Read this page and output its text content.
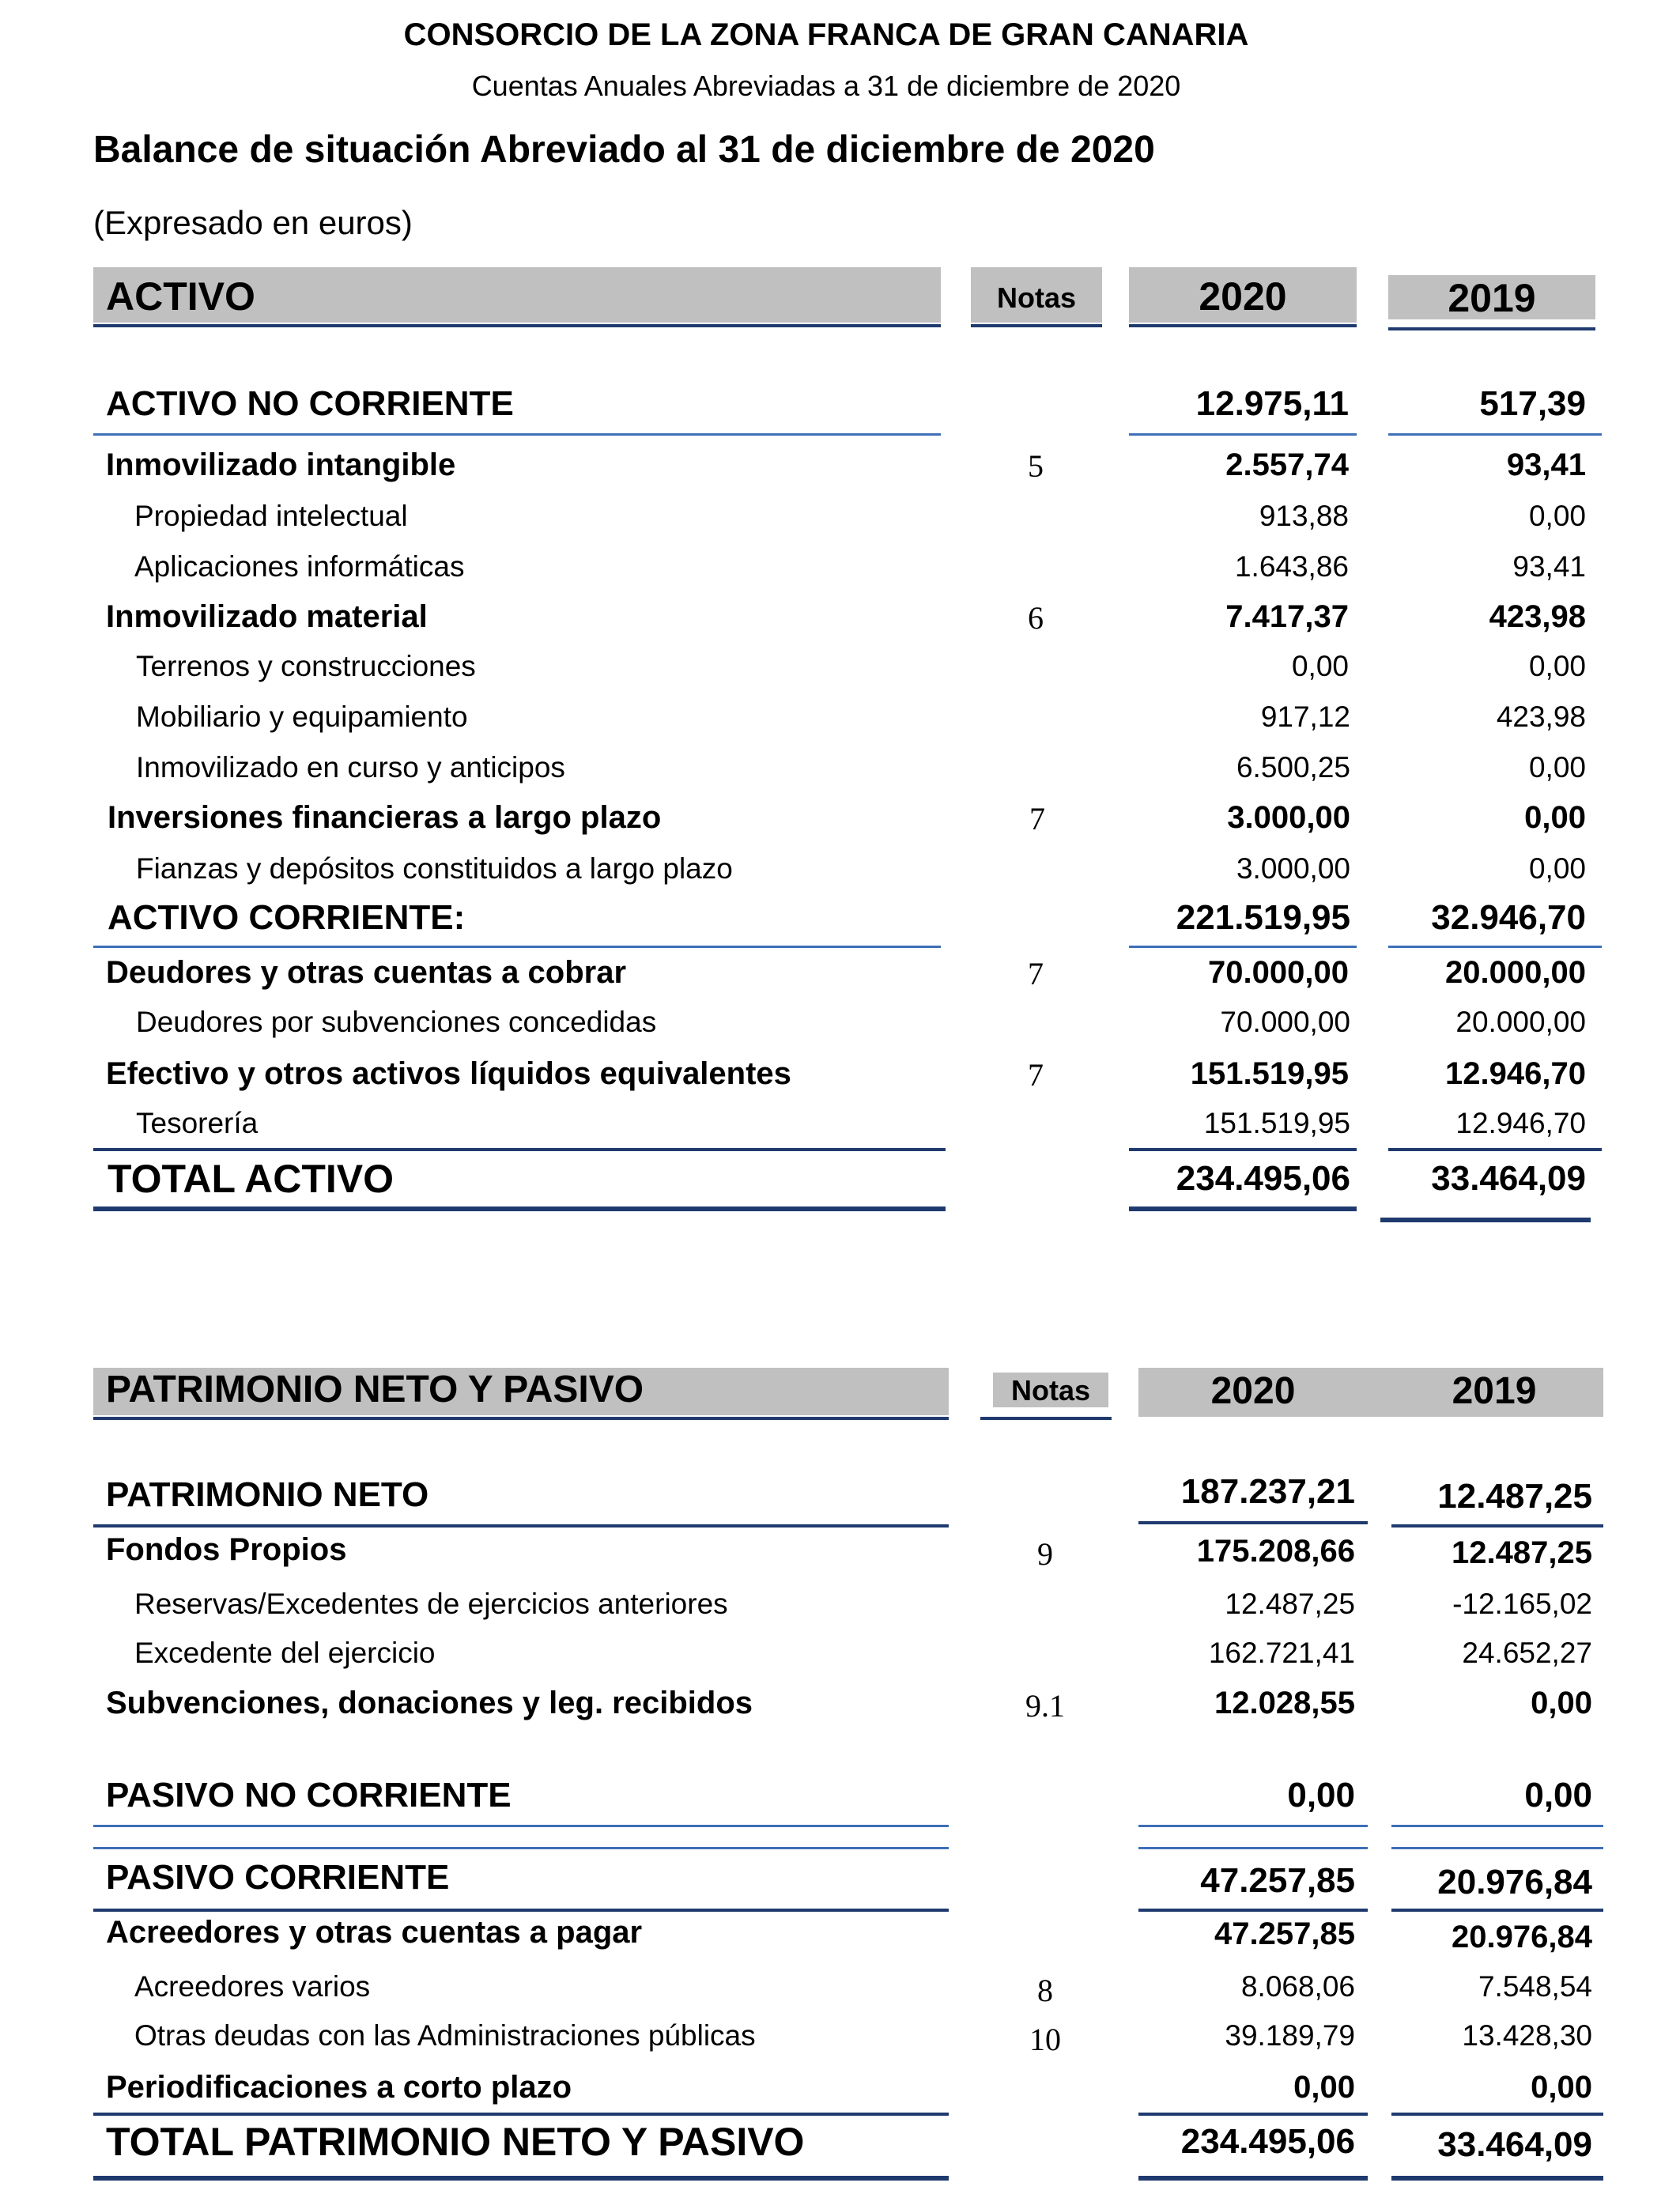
CONSORCIO DE LA ZONA FRANCA DE GRAN CANARIA
Cuentas Anuales Abreviadas a 31 de diciembre de 2020
Balance de situación Abreviado al 31 de diciembre de 2020
(Expresado en euros)
ACTIVO	Notas	2020	2019
ACTIVO NO CORRIENTE	12.975,11	517,39
Inmovilizado intangible	5	2.557,74	93,41
Propiedad intelectual	913,88	0,00
Aplicaciones informáticas	1.643,86	93,41
Inmovilizado material	6	7.417,37	423,98
Terrenos y construcciones	0,00	0,00
Mobiliario y equipamiento	917,12	423,98
Inmovilizado en curso y anticipos	6.500,25	0,00
Inversiones financieras a largo plazo	7	3.000,00	0,00
Fianzas y depósitos constituidos a largo plazo	3.000,00	0,00
ACTIVO CORRIENTE:	221.519,95	32.946,70
Deudores y otras cuentas a cobrar	7	70.000,00	20.000,00
Deudores por subvenciones concedidas	70.000,00	20.000,00
Efectivo y otros activos líquidos equivalentes	7	151.519,95	12.946,70
Tesorería	151.519,95	12.946,70
TOTAL ACTIVO	234.495,06	33.464,09
PATRIMONIO NETO Y PASIVO	Notas	2020	2019
PATRIMONIO NETO	187.237,21	12.487,25
Fondos Propios	9	175.208,66	12.487,25
Reservas/Excedentes de ejercicios anteriores	12.487,25	-12.165,02
Excedente del ejercicio	162.721,41	24.652,27
Subvenciones, donaciones y leg. recibidos	9.1	12.028,55	0,00
PASIVO NO CORRIENTE	0,00	0,00
PASIVO CORRIENTE	47.257,85	20.976,84
Acreedores y otras cuentas a pagar	47.257,85	20.976,84
Acreedores varios	8	8.068,06	7.548,54
Otras deudas con las Administraciones públicas	10	39.189,79	13.428,30
Periodificaciones a corto plazo	0,00	0,00
TOTAL PATRIMONIO NETO Y PASIVO	234.495,06	33.464,09
